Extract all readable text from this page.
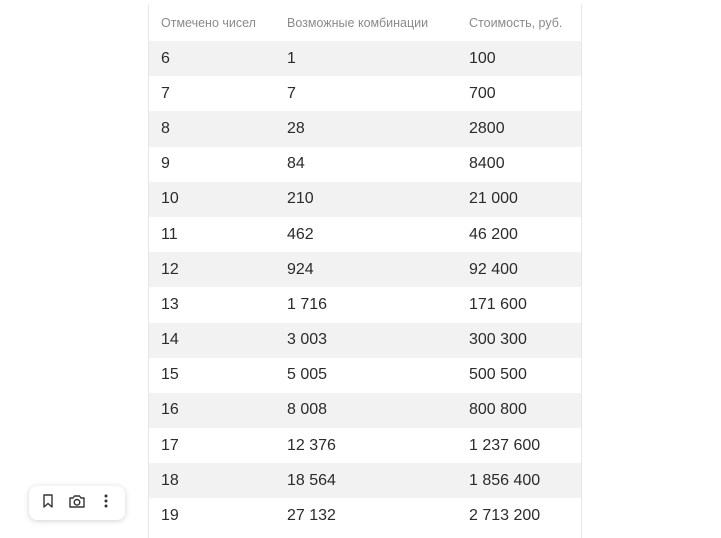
Отмечено чисел	Возможные комбинации	Стоимость, руб.
6	1	100
7	7	700
8	28	2800
9	84	8400
10	210	21 000
11	462	46 200
12	924	92 400
13	1 716	171 600
14	3 003	300 300
15	5 005	500 500
16	8 008	800 800
17	12 376	1 237 600
18	18 564	1 856 400
19	27 132	2 713 200
